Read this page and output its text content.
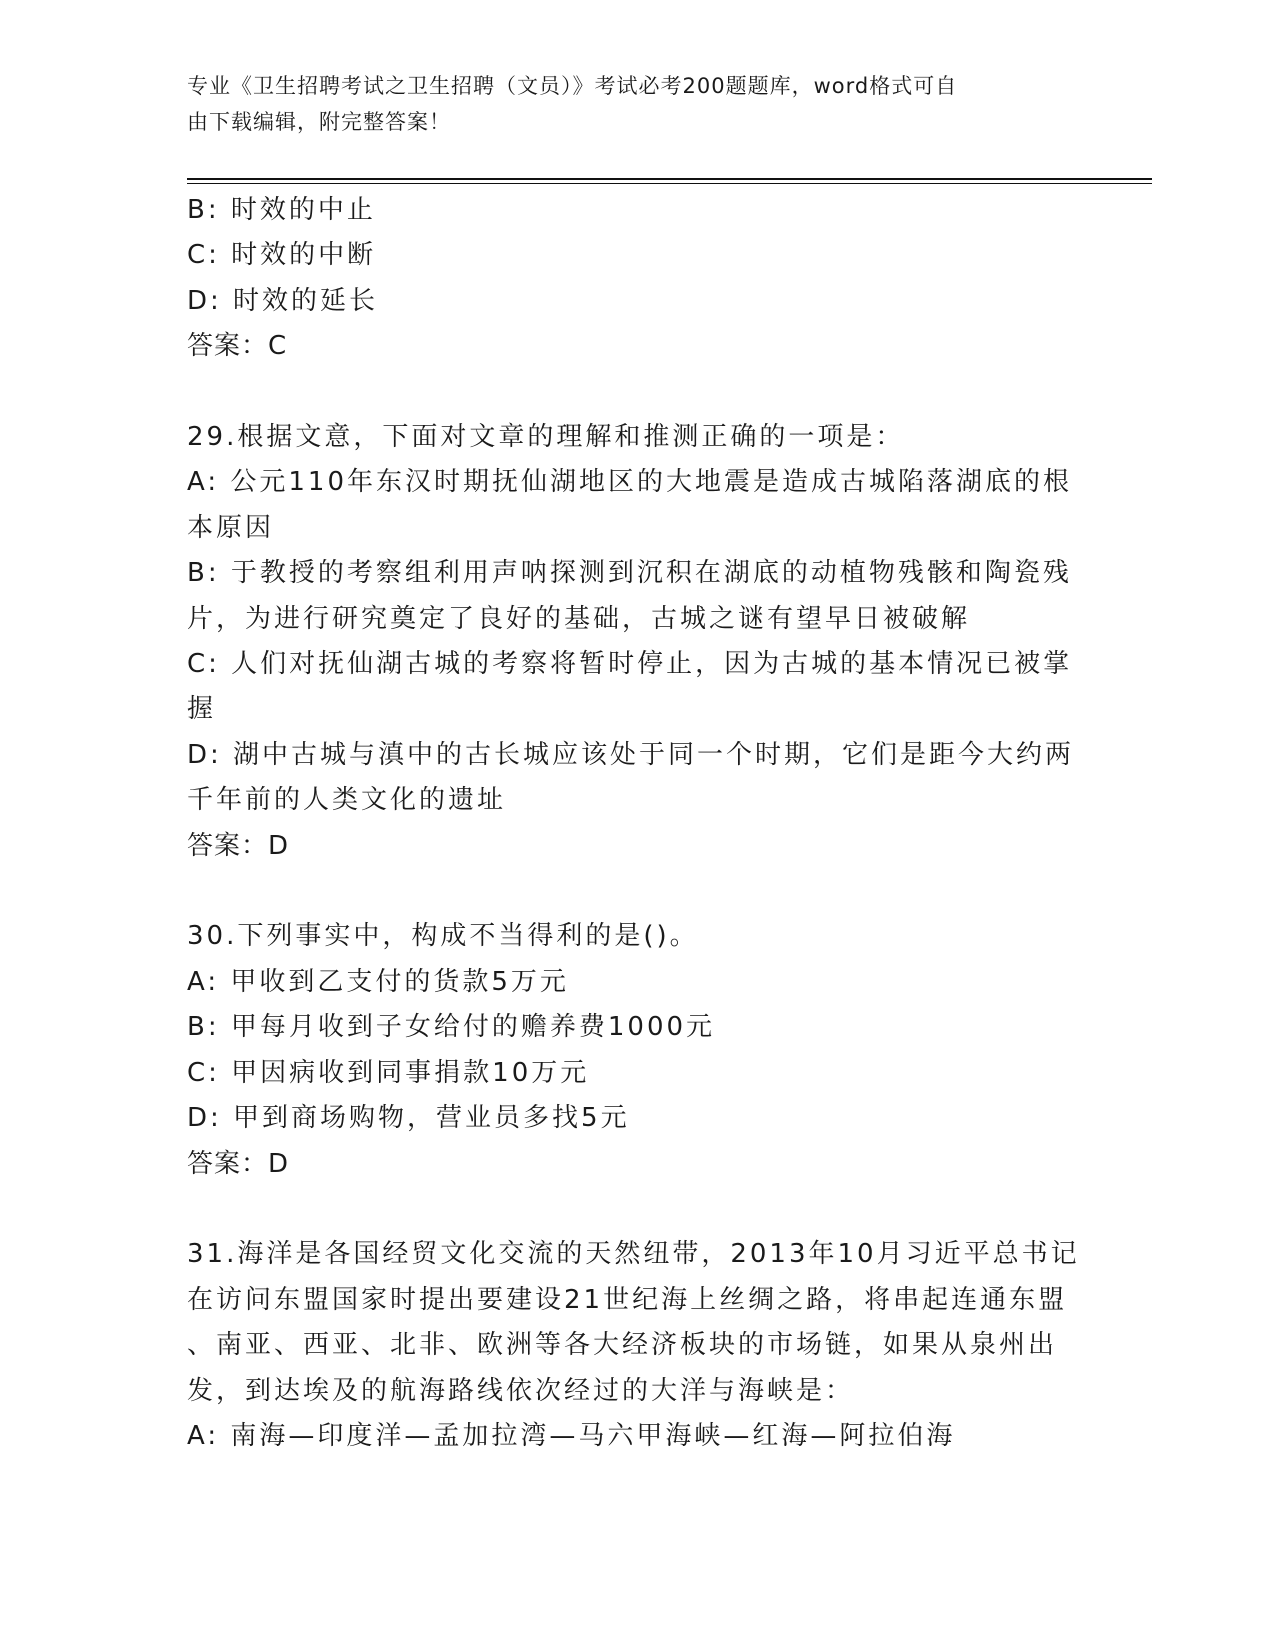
专业《卫生招聘考试之卫生招聘（文员）》考试必考200题题库，word格式可自
由下载编辑，附完整答案！
B: 时效的中止
C: 时效的中断
D: 时效的延长
答案：C
29.根据文意，下面对文章的理解和推测正确的一项是：
A: 公元110年东汉时期抚仙湖地区的大地震是造成古城陷落湖底的根
本原因
B: 于教授的考察组利用声呐探测到沉积在湖底的动植物残骸和陶瓷残
片，为进行研究奠定了良好的基础，古城之谜有望早日被破解
C: 人们对抚仙湖古城的考察将暂时停止，因为古城的基本情况已被掌
握
D: 湖中古城与滇中的古长城应该处于同一个时期，它们是距今大约两
千年前的人类文化的遗址
答案：D
30.下列事实中，构成不当得利的是()。
A: 甲收到乙支付的货款5万元
B: 甲每月收到子女给付的赡养费1000元
C: 甲因病收到同事捐款10万元
D: 甲到商场购物，营业员多找5元
答案：D
31.海洋是各国经贸文化交流的天然纽带，2013年10月习近平总书记
在访问东盟国家时提出要建设21世纪海上丝绸之路，将串起连通东盟
、南亚、西亚、北非、欧洲等各大经济板块的市场链，如果从泉州出
发，到达埃及的航海路线依次经过的大洋与海峡是：
A: 南海—印度洋—孟加拉湾—马六甲海峡—红海—阿拉伯海
